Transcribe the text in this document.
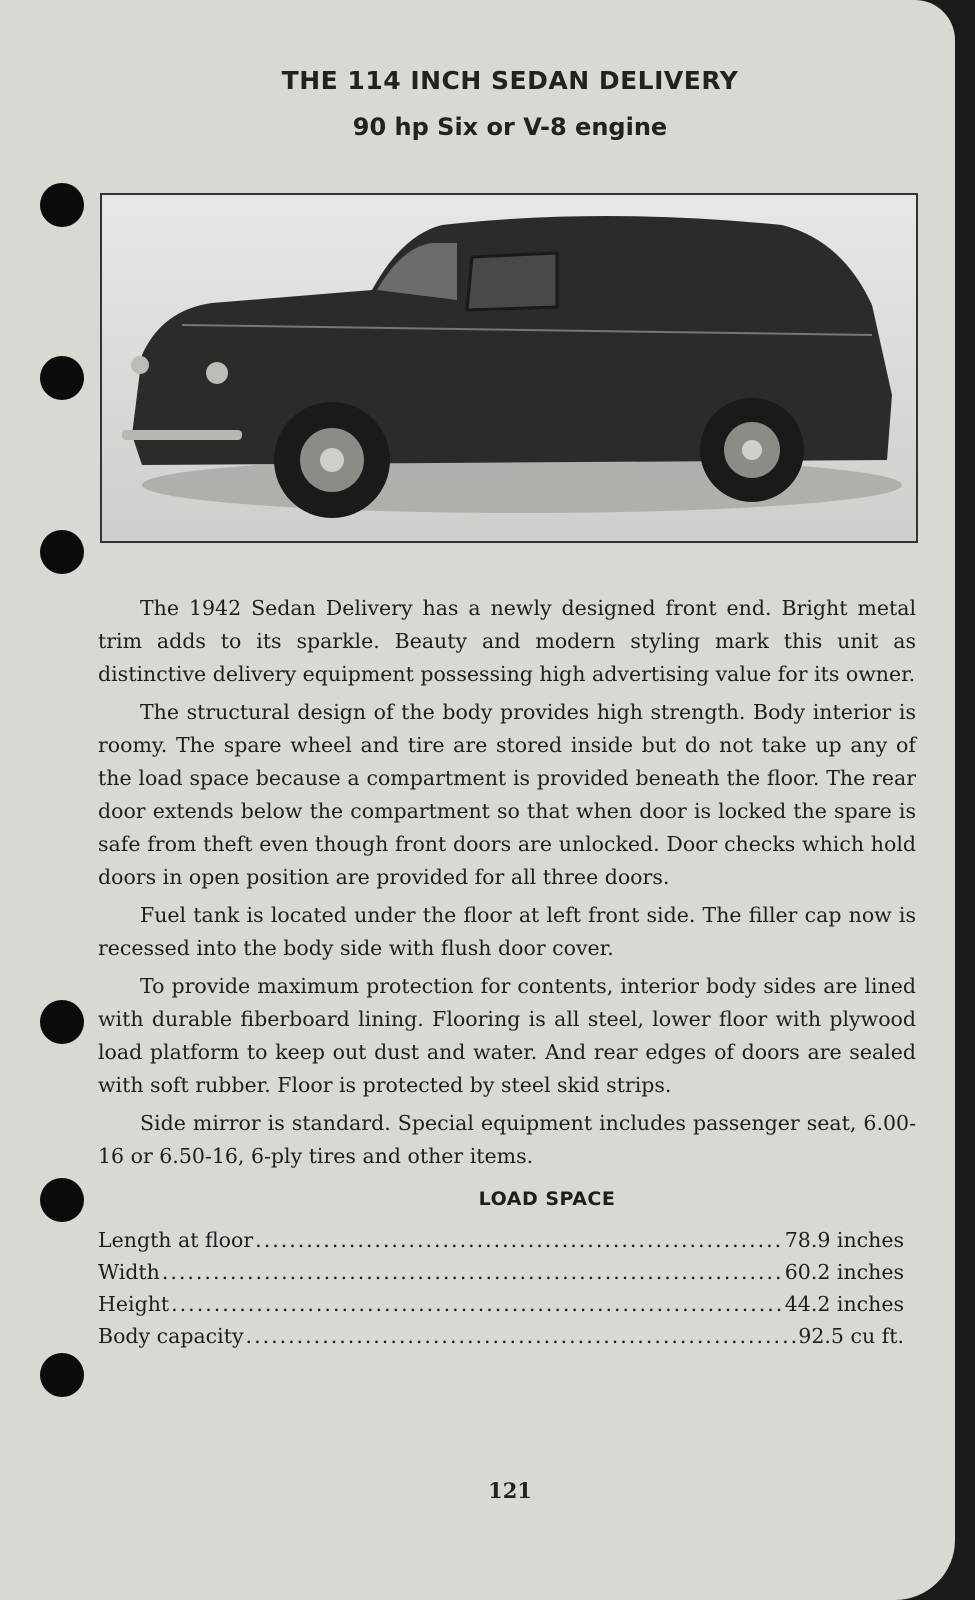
THE 114 INCH SEDAN DELIVERY
90 hp Six or V-8 engine

The 1942 Sedan Delivery has a newly designed front end. Bright metal trim adds to its sparkle. Beauty and modern styling mark this unit as distinctive delivery equipment possessing high advertising value for its owner.

The structural design of the body provides high strength. Body interior is roomy. The spare wheel and tire are stored inside but do not take up any of the load space because a compartment is provided beneath the floor. The rear door extends below the compartment so that when door is locked the spare is safe from theft even though front doors are unlocked. Door checks which hold doors in open position are provided for all three doors.

Fuel tank is located under the floor at left front side. The filler cap now is recessed into the body side with flush door cover.

To provide maximum protection for contents, interior body sides are lined with durable fiberboard lining. Flooring is all steel, lower floor with plywood load platform to keep out dust and water. And rear edges of doors are sealed with soft rubber. Floor is protected by steel skid strips.

Side mirror is standard. Special equipment includes passenger seat, 6.00-16 or 6.50-16, 6-ply tires and other items.

LOAD SPACE
Length at floor .....	78.9 inches
Width .....	60.2 inches
Height .....	44.2 inches
Body capacity .....	92.5 cu ft.
121
